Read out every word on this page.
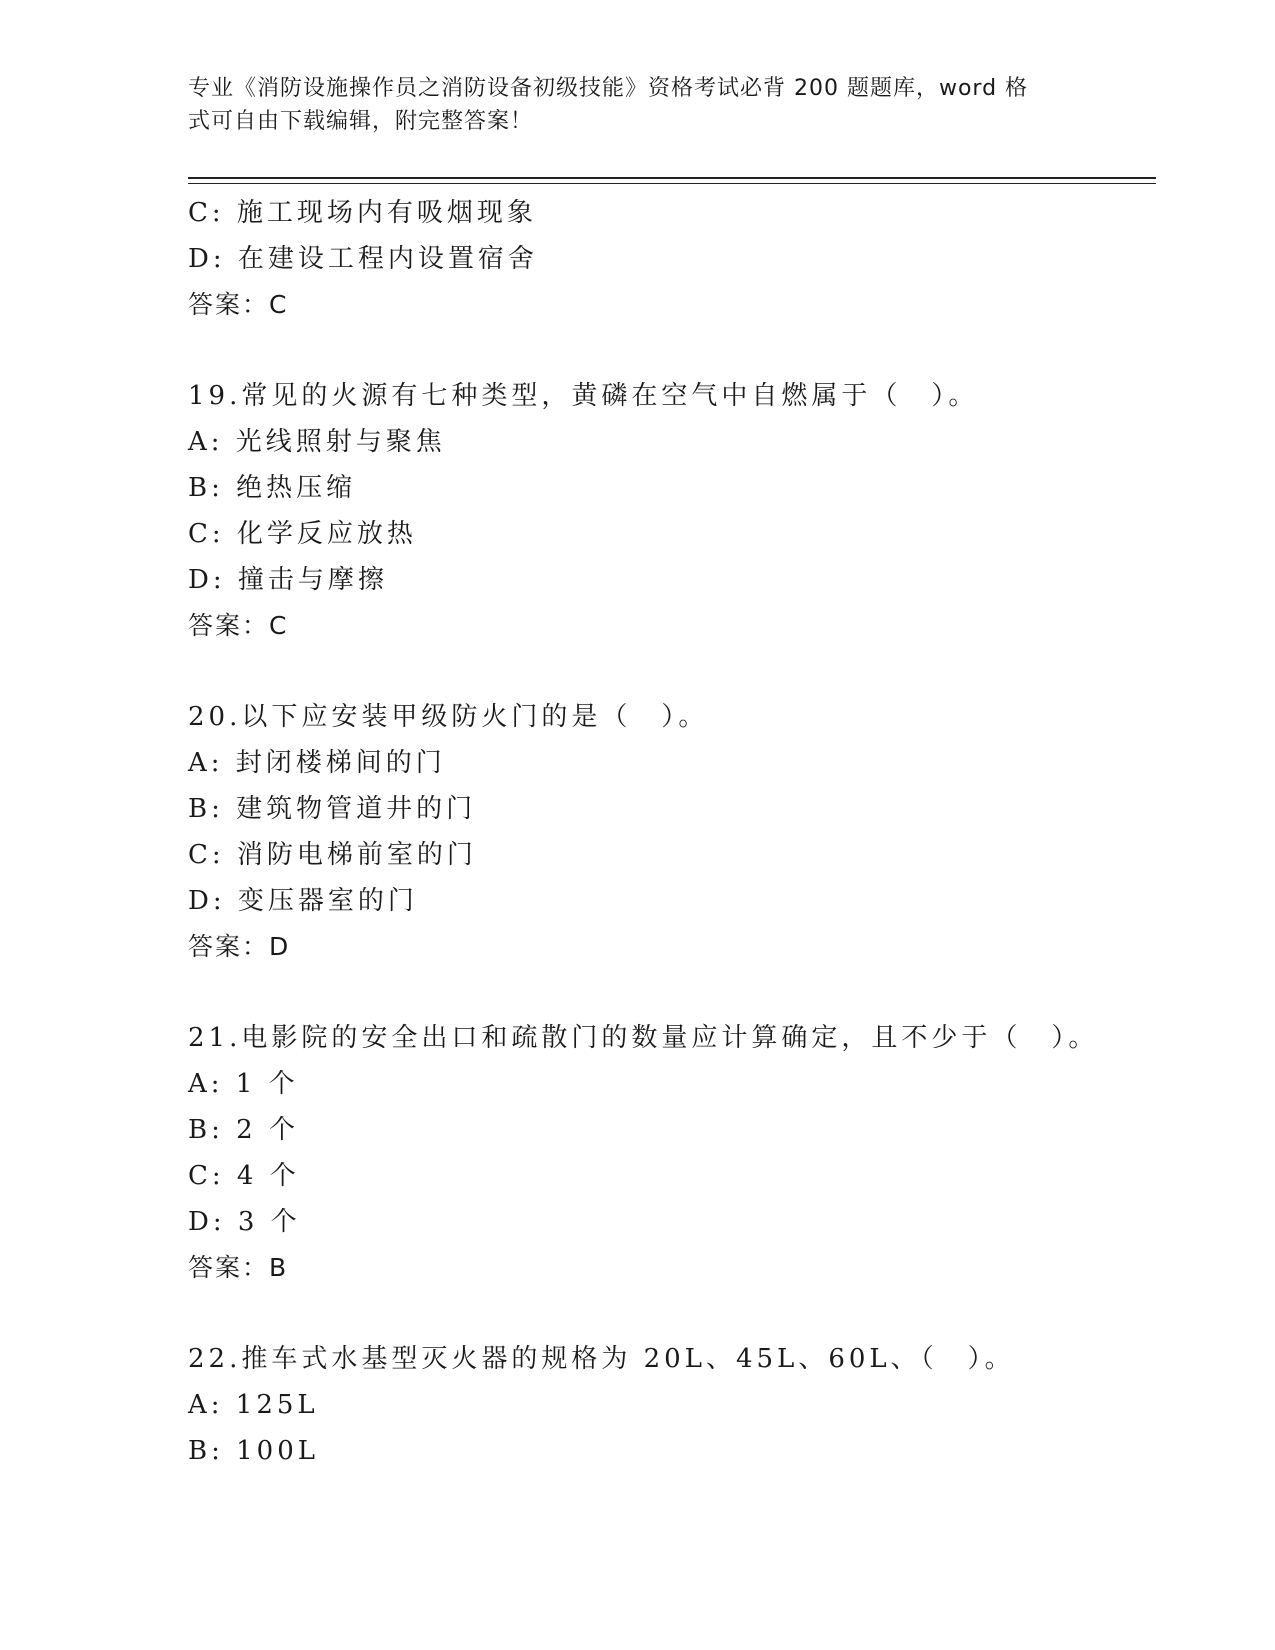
专业《消防设施操作员之消防设备初级技能》资格考试必背 200 题题库，word 格
式可自由下载编辑，附完整答案！
C: 施工现场内有吸烟现象
D: 在建设工程内设置宿舍
答案：C
19.常见的火源有七种类型，黄磷在空气中自燃属于（　）。
A: 光线照射与聚焦
B: 绝热压缩
C: 化学反应放热
D: 撞击与摩擦
答案：C
20.以下应安装甲级防火门的是（　）。
A: 封闭楼梯间的门
B: 建筑物管道井的门
C: 消防电梯前室的门
D: 变压器室的门
答案：D
21.电影院的安全出口和疏散门的数量应计算确定，且不少于（　）。
A: 1 个
B: 2 个
C: 4 个
D: 3 个
答案：B
22.推车式水基型灭火器的规格为 20L、45L、60L、（　）。
A: 125L
B: 100L
